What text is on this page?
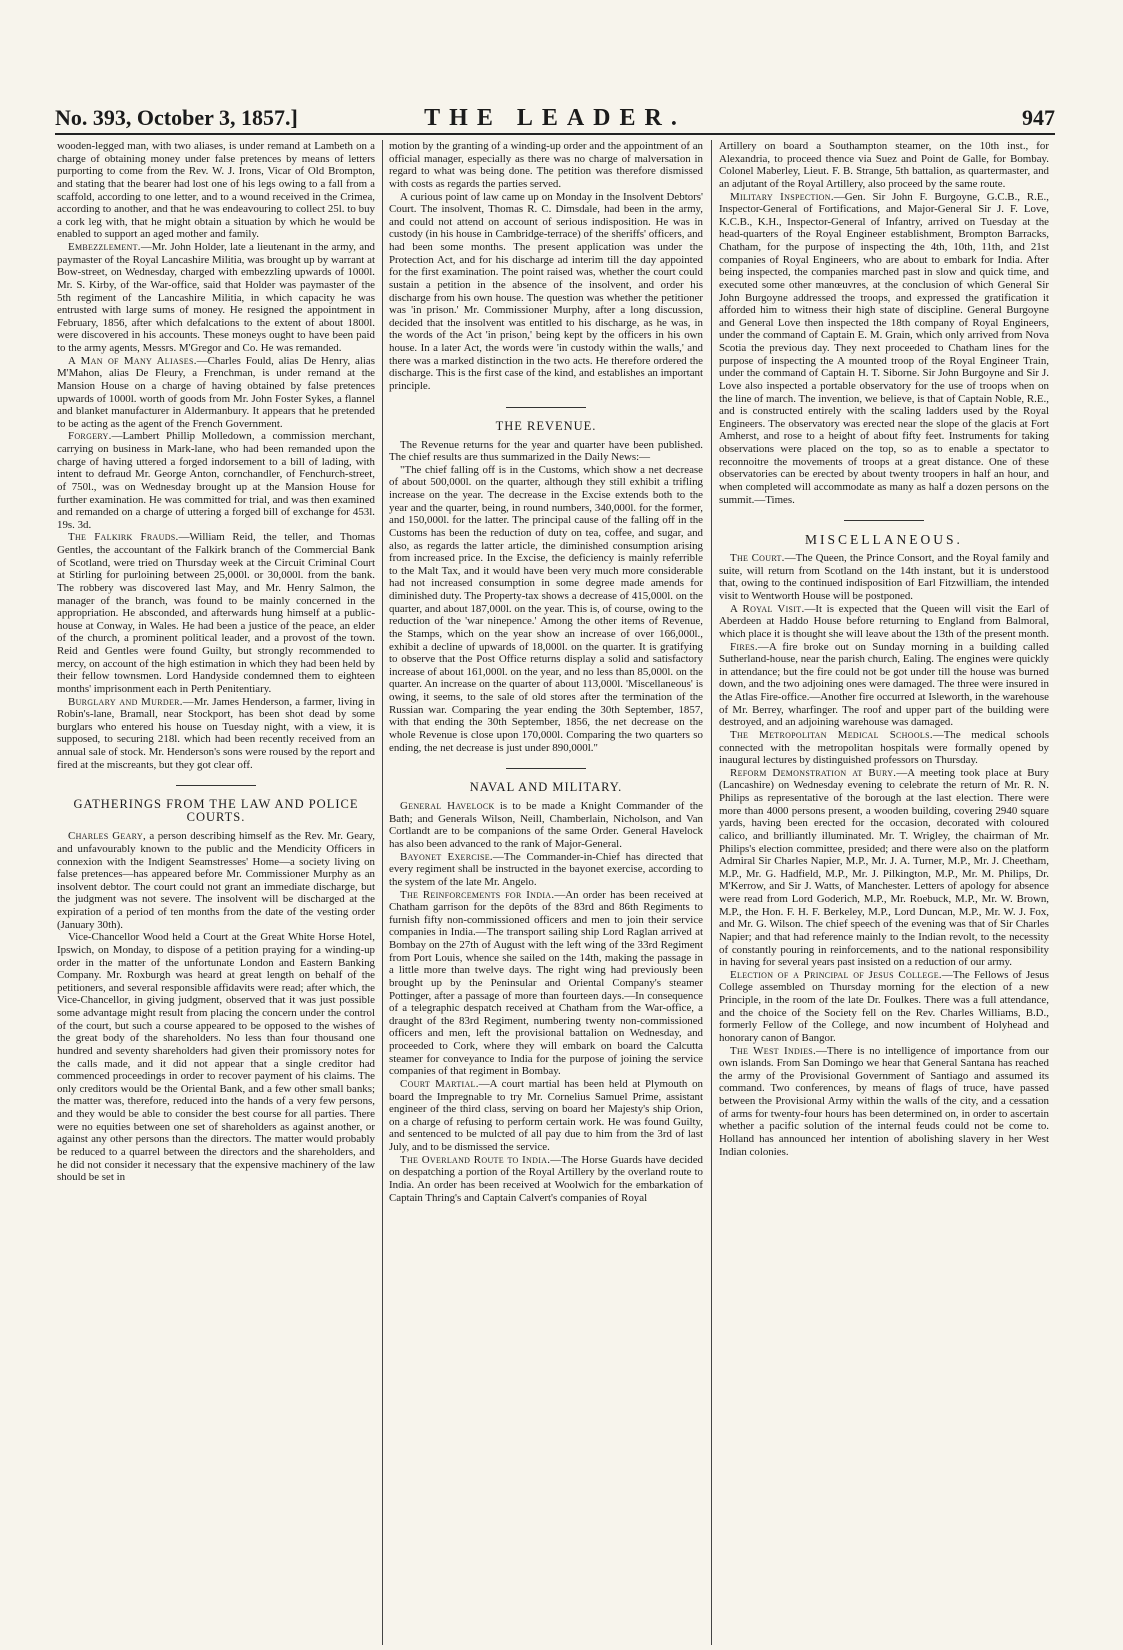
No. 393, October 3, 1857.]	THE LEADER.	947

wooden-legged man, with two aliases, is under remand at Lambeth on a charge of obtaining money under false pretences by means of letters purporting to come from the Rev. W. J. Irons, Vicar of Old Brompton, and stating that the bearer had lost one of his legs owing to a fall from a scaffold, according to one letter, and to a wound received in the Crimea, according to another, and that he was endeavouring to collect 25l. to buy a cork leg with, that he might obtain a situation by which he would be enabled to support an aged mother and family.

Embezzlement.—Mr. John Holder, late a lieutenant in the army, and paymaster of the Royal Lancashire Militia, was brought up by warrant at Bow-street, on Wednesday, charged with embezzling upwards of 1000l. Mr. S. Kirby, of the War-office, said that Holder was paymaster of the 5th regiment of the Lancashire Militia, in which capacity he was entrusted with large sums of money. He resigned the appointment in February, 1856, after which defalcations to the extent of about 1800l. were discovered in his accounts. These moneys ought to have been paid to the army agents, Messrs. M'Gregor and Co. He was remanded.

A Man of Many Aliases.—Charles Fould, alias De Henry, alias M'Mahon, alias De Fleury, a Frenchman, is under remand at the Mansion House on a charge of having obtained by false pretences upwards of 1000l. worth of goods from Mr. John Foster Sykes, a flannel and blanket manufacturer in Aldermanbury. It appears that he pretended to be acting as the agent of the French Government.

Forgery.—Lambert Phillip Molledown, a commission merchant, carrying on business in Mark-lane, who had been remanded upon the charge of having uttered a forged indorsement to a bill of lading, with intent to defraud Mr. George Anton, cornchandler, of Fenchurch-street, of 750l., was on Wednesday brought up at the Mansion House for further examination. He was committed for trial, and was then examined and remanded on a charge of uttering a forged bill of exchange for 453l. 19s. 3d.

The Falkirk Frauds.—William Reid, the teller, and Thomas Gentles, the accountant of the Falkirk branch of the Commercial Bank of Scotland, were tried on Thursday week at the Circuit Criminal Court at Stirling for purloining between 25,000l. or 30,000l. from the bank. The robbery was discovered last May, and Mr. Henry Salmon, the manager of the branch, was found to be mainly concerned in the appropriation. He absconded, and afterwards hung himself at a public-house at Conway, in Wales. He had been a justice of the peace, an elder of the church, a prominent political leader, and a provost of the town. Reid and Gentles were found Guilty, but strongly recommended to mercy, on account of the high estimation in which they had been held by their fellow townsmen. Lord Handyside condemned them to eighteen months' imprisonment each in Perth Penitentiary.

Burglary and Murder.—Mr. James Henderson, a farmer, living in Robin's-lane, Bramall, near Stockport, has been shot dead by some burglars who entered his house on Tuesday night, with a view, it is supposed, to securing 218l. which had been recently received from an annual sale of stock. Mr. Henderson's sons were roused by the report and fired at the miscreants, but they got clear off.

GATHERINGS FROM THE LAW AND POLICE COURTS.

Charles Geary, a person describing himself as the Rev. Mr. Geary, and unfavourably known to the public and the Mendicity Officers in connexion with the Indigent Seamstresses' Home—a society living on false pretences—has appeared before Mr. Commissioner Murphy as an insolvent debtor. The court could not grant an immediate discharge, but the judgment was not severe. The insolvent will be discharged at the expiration of a period of ten months from the date of the vesting order (January 30th).

Vice-Chancellor Wood held a Court at the Great White Horse Hotel, Ipswich, on Monday, to dispose of a petition praying for a winding-up order in the matter of the unfortunate London and Eastern Banking Company. Mr. Roxburgh was heard at great length on behalf of the petitioners, and several responsible affidavits were read; after which, the Vice-Chancellor, in giving judgment, observed that it was just possible some advantage might result from placing the concern under the control of the court, but such a course appeared to be opposed to the wishes of the great body of the shareholders. No less than four thousand one hundred and seventy shareholders had given their promissory notes for the calls made, and it did not appear that a single creditor had commenced proceedings in order to recover payment of his claims. The only creditors would be the Oriental Bank, and a few other small banks; the matter was, therefore, reduced into the hands of a very few persons, and they would be able to consider the best course for all parties. There were no equities between one set of shareholders as against another, or against any other persons than the directors. The matter would probably be reduced to a quarrel between the directors and the shareholders, and he did not consider it necessary that the expensive machinery of the law should be set in

motion by the granting of a winding-up order and the appointment of an official manager, especially as there was no charge of malversation in regard to what was being done. The petition was therefore dismissed with costs as regards the parties served.

A curious point of law came up on Monday in the Insolvent Debtors' Court. The insolvent, Thomas R. C. Dimsdale, had been in the army, and could not attend on account of serious indisposition. He was in custody (in his house in Cambridge-terrace) of the sheriffs' officers, and had been some months. The present application was under the Protection Act, and for his discharge ad interim till the day appointed for the first examination. The point raised was, whether the court could sustain a petition in the absence of the insolvent, and order his discharge from his own house. The question was whether the petitioner was 'in prison.' Mr. Commissioner Murphy, after a long discussion, decided that the insolvent was entitled to his discharge, as he was, in the words of the Act 'in prison,' being kept by the officers in his own house. In a later Act, the words were 'in custody within the walls,' and there was a marked distinction in the two acts. He therefore ordered the discharge. This is the first case of the kind, and establishes an important principle.

THE REVENUE.

The Revenue returns for the year and quarter have been published. The chief results are thus summarized in the Daily News:—

"The chief falling off is in the Customs, which show a net decrease of about 500,000l. on the quarter, although they still exhibit a trifling increase on the year. The decrease in the Excise extends both to the year and the quarter, being, in round numbers, 340,000l. for the former, and 150,000l. for the latter. The principal cause of the falling off in the Customs has been the reduction of duty on tea, coffee, and sugar, and also, as regards the latter article, the diminished consumption arising from increased price. In the Excise, the deficiency is mainly referrible to the Malt Tax, and it would have been very much more considerable had not increased consumption in some degree made amends for diminished duty. The Property-tax shows a decrease of 415,000l. on the quarter, and about 187,000l. on the year. This is, of course, owing to the reduction of the 'war ninepence.' Among the other items of Revenue, the Stamps, which on the year show an increase of over 166,000l., exhibit a decline of upwards of 18,000l. on the quarter. It is gratifying to observe that the Post Office returns display a solid and satisfactory increase of about 161,000l. on the year, and no less than 85,000l. on the quarter. An increase on the quarter of about 113,000l. 'Miscellaneous' is owing, it seems, to the sale of old stores after the termination of the Russian war. Comparing the year ending the 30th September, 1857, with that ending the 30th September, 1856, the net decrease on the whole Revenue is close upon 170,000l. Comparing the two quarters so ending, the net decrease is just under 890,000l."

NAVAL AND MILITARY.

General Havelock is to be made a Knight Commander of the Bath; and Generals Wilson, Neill, Chamberlain, Nicholson, and Van Cortlandt are to be companions of the same Order. General Havelock has also been advanced to the rank of Major-General.

Bayonet Exercise.—The Commander-in-Chief has directed that every regiment shall be instructed in the bayonet exercise, according to the system of the late Mr. Angelo.

The Reinforcements for India.—An order has been received at Chatham garrison for the depôts of the 83rd and 86th Regiments to furnish fifty non-commissioned officers and men to join their service companies in India.—The transport sailing ship Lord Raglan arrived at Bombay on the 27th of August with the left wing of the 33rd Regiment from Port Louis, whence she sailed on the 14th, making the passage in a little more than twelve days. The right wing had previously been brought up by the Peninsular and Oriental Company's steamer Pottinger, after a passage of more than fourteen days.—In consequence of a telegraphic despatch received at Chatham from the War-office, a draught of the 83rd Regiment, numbering twenty non-commissioned officers and men, left the provisional battalion on Wednesday, and proceeded to Cork, where they will embark on board the Calcutta steamer for conveyance to India for the purpose of joining the service companies of that regiment in Bombay.

Court Martial.—A court martial has been held at Plymouth on board the Impregnable to try Mr. Cornelius Samuel Prime, assistant engineer of the third class, serving on board her Majesty's ship Orion, on a charge of refusing to perform certain work. He was found Guilty, and sentenced to be mulcted of all pay due to him from the 3rd of last July, and to be dismissed the service.

The Overland Route to India.—The Horse Guards have decided on despatching a portion of the Royal Artillery by the overland route to India. An order has been received at Woolwich for the embarkation of Captain Thring's and Captain Calvert's companies of Royal

Artillery on board a Southampton steamer, on the 10th inst., for Alexandria, to proceed thence via Suez and Point de Galle, for Bombay. Colonel Maberley, Lieut. F. B. Strange, 5th battalion, as quartermaster, and an adjutant of the Royal Artillery, also proceed by the same route.

Military Inspection.—Gen. Sir John F. Burgoyne, G.C.B., R.E., Inspector-General of Fortifications, and Major-General Sir J. F. Love, K.C.B., K.H., Inspector-General of Infantry, arrived on Tuesday at the head-quarters of the Royal Engineer establishment, Brompton Barracks, Chatham, for the purpose of inspecting the 4th, 10th, 11th, and 21st companies of Royal Engineers, who are about to embark for India. After being inspected, the companies marched past in slow and quick time, and executed some other manœuvres, at the conclusion of which General Sir John Burgoyne addressed the troops, and expressed the gratification it afforded him to witness their high state of discipline. General Burgoyne and General Love then inspected the 18th company of Royal Engineers, under the command of Captain E. M. Grain, which only arrived from Nova Scotia the previous day. They next proceeded to Chatham lines for the purpose of inspecting the A mounted troop of the Royal Engineer Train, under the command of Captain H. T. Siborne. Sir John Burgoyne and Sir J. Love also inspected a portable observatory for the use of troops when on the line of march. The invention, we believe, is that of Captain Noble, R.E., and is constructed entirely with the scaling ladders used by the Royal Engineers. The observatory was erected near the slope of the glacis at Fort Amherst, and rose to a height of about fifty feet. Instruments for taking observations were placed on the top, so as to enable a spectator to reconnoitre the movements of troops at a great distance. One of these observatories can be erected by about twenty troopers in half an hour, and when completed will accommodate as many as half a dozen persons on the summit.—Times.

MISCELLANEOUS.

The Court.—The Queen, the Prince Consort, and the Royal family and suite, will return from Scotland on the 14th instant, but it is understood that, owing to the continued indisposition of Earl Fitzwilliam, the intended visit to Wentworth House will be postponed.

A Royal Visit.—It is expected that the Queen will visit the Earl of Aberdeen at Haddo House before returning to England from Balmoral, which place it is thought she will leave about the 13th of the present month.

Fires.—A fire broke out on Sunday morning in a building called Sutherland-house, near the parish church, Ealing. The engines were quickly in attendance; but the fire could not be got under till the house was burned down, and the two adjoining ones were damaged. The three were insured in the Atlas Fire-office.—Another fire occurred at Isleworth, in the warehouse of Mr. Berrey, wharfinger. The roof and upper part of the building were destroyed, and an adjoining warehouse was damaged.

The Metropolitan Medical Schools.—The medical schools connected with the metropolitan hospitals were formally opened by inaugural lectures by distinguished professors on Thursday.

Reform Demonstration at Bury.—A meeting took place at Bury (Lancashire) on Wednesday evening to celebrate the return of Mr. R. N. Philips as representative of the borough at the last election. There were more than 4000 persons present, a wooden building, covering 2940 square yards, having been erected for the occasion, decorated with coloured calico, and brilliantly illuminated. Mr. T. Wrigley, the chairman of Mr. Philips's election committee, presided; and there were also on the platform Admiral Sir Charles Napier, M.P., Mr. J. A. Turner, M.P., Mr. J. Cheetham, M.P., Mr. G. Hadfield, M.P., Mr. J. Pilkington, M.P., Mr. M. Philips, Dr. M'Kerrow, and Sir J. Watts, of Manchester. Letters of apology for absence were read from Lord Goderich, M.P., Mr. Roebuck, M.P., Mr. W. Brown, M.P., the Hon. F. H. F. Berkeley, M.P., Lord Duncan, M.P., Mr. W. J. Fox, and Mr. G. Wilson. The chief speech of the evening was that of Sir Charles Napier; and that had reference mainly to the Indian revolt, to the necessity of constantly pouring in reinforcements, and to the national responsibility in having for several years past insisted on a reduction of our army.

Election of a Principal of Jesus College.—The Fellows of Jesus College assembled on Thursday morning for the election of a new Principle, in the room of the late Dr. Foulkes. There was a full attendance, and the choice of the Society fell on the Rev. Charles Williams, B.D., formerly Fellow of the College, and now incumbent of Holyhead and honorary canon of Bangor.

The West Indies.—There is no intelligence of importance from our own islands. From San Domingo we hear that General Santana has reached the army of the Provisional Government of Santiago and assumed its command. Two conferences, by means of flags of truce, have passed between the Provisional Army within the walls of the city, and a cessation of arms for twenty-four hours has been determined on, in order to ascertain whether a pacific solution of the internal feuds could not be come to. Holland has announced her intention of abolishing slavery in her West Indian colonies.
